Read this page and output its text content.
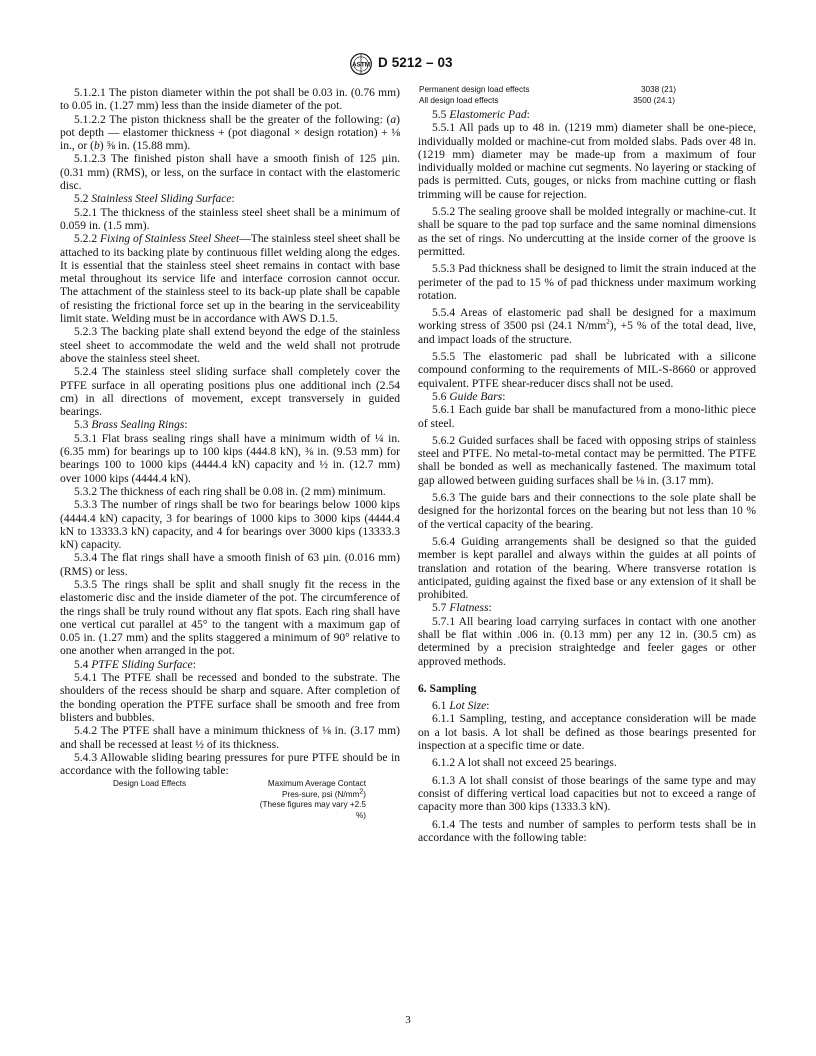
ASTM D 5212 – 03

5.1.2.1 The piston diameter within the pot shall be 0.03 in. (0.76 mm) to 0.05 in. (1.27 mm) less than the inside diameter of the pot.

5.1.2.2 The piston thickness shall be the greater of the following: (a) pot depth — elastomer thickness + (pot diagonal × design rotation) + ⅛ in., or (b) ⅝ in. (15.88 mm).

5.1.2.3 The finished piston shall have a smooth finish of 125 µin. (0.31 mm) (RMS), or less, on the surface in contact with the elastomeric disc.

5.2 Stainless Steel Sliding Surface:

5.2.1 The thickness of the stainless steel sheet shall be a minimum of 0.059 in. (1.5 mm).

5.2.2 Fixing of Stainless Steel Sheet—The stainless steel sheet shall be attached to its backing plate by continuous fillet welding along the edges. It is essential that the stainless steel sheet remains in contact with base metal throughout its service life and interface corrosion cannot occur. The attachment of the stainless steel to its back-up plate shall be capable of resisting the frictional force set up in the bearing in the serviceability limit state. Welding must be in accordance with AWS D.1.5.

5.2.3 The backing plate shall extend beyond the edge of the stainless steel sheet to accommodate the weld and the weld shall not protrude above the stainless steel sheet.

5.2.4 The stainless steel sliding surface shall completely cover the PTFE surface in all operating positions plus one additional inch (2.54 cm) in all directions of movement, except transversely in guided bearings.

5.3 Brass Sealing Rings:

5.3.1 Flat brass sealing rings shall have a minimum width of ¼ in. (6.35 mm) for bearings up to 100 kips (444.8 kN), ⅜ in. (9.53 mm) for bearings 100 to 1000 kips (4444.4 kN) capacity and ½ in. (12.7 mm) over 1000 kips (4444.4 kN).

5.3.2 The thickness of each ring shall be 0.08 in. (2 mm) minimum.

5.3.3 The number of rings shall be two for bearings below 1000 kips (4444.4 kN) capacity, 3 for bearings of 1000 kips to 3000 kips (4444.4 kN to 13333.3 kN) capacity, and 4 for bearings over 3000 kips (13333.3 kN) capacity.

5.3.4 The flat rings shall have a smooth finish of 63 µin. (0.016 mm) (RMS) or less.

5.3.5 The rings shall be split and shall snugly fit the recess in the elastomeric disc and the inside diameter of the pot. The circumference of the rings shall be truly round without any flat spots. Each ring shall have one vertical cut parallel at 45° to the tangent with a maximum gap of 0.05 in. (1.27 mm) and the splits staggered a minimum of 90° relative to one another when arranged in the pot.

5.4 PTFE Sliding Surface:

5.4.1 The PTFE shall be recessed and bonded to the substrate. The shoulders of the recess should be sharp and square. After completion of the bonding operation the PTFE surface shall be smooth and free from blisters and bubbles.

5.4.2 The PTFE shall have a minimum thickness of ⅛ in. (3.17 mm) and shall be recessed at least ½ of its thickness.

5.4.3 Allowable sliding bearing pressures for pure PTFE should be in accordance with the following table:

Design Load Effects	Maximum Average Contact Pres-sure, psi $(N/mm^2)$ (These figures may vary +2.5 %)
Permanent design load effects	3038 (21)
All design load effects	3500 (24.1)

5.5 Elastomeric Pad:

5.5.1 All pads up to 48 in. (1219 mm) diameter shall be one-piece, individually molded or machine-cut from molded slabs. Pads over 48 in. (1219 mm) diameter may be made-up from a maximum of four individually molded or machine cut segments. No layering or stacking of pads is permitted. Cuts, gouges, or nicks from machine cutting or flash trimming will be cause for rejection.

5.5.2 The sealing groove shall be molded integrally or machine-cut. It shall be square to the pad top surface and the same nominal dimensions as the set of rings. No undercutting at the inside corner of the groove is permitted.

5.5.3 Pad thickness shall be designed to limit the strain induced at the perimeter of the pad to 15 % of pad thickness under maximum working rotation.

5.5.4 Areas of elastomeric pad shall be designed for a maximum working stress of 3500 psi (24.1 $N/mm^2$), +5 % of the total dead, live, and impact loads of the structure.

5.5.5 The elastomeric pad shall be lubricated with a silicone compound conforming to the requirements of MIL-S-8660 or approved equivalent. PTFE shear-reducer discs shall not be used.

5.6 Guide Bars:

5.6.1 Each guide bar shall be manufactured from a mono-lithic piece of steel.

5.6.2 Guided surfaces shall be faced with opposing strips of stainless steel and PTFE. No metal-to-metal contact may be permitted. The PTFE shall be bonded as well as mechanically fastened. The maximum total gap allowed between guiding surfaces shall be ⅛ in. (3.17 mm).

5.6.3 The guide bars and their connections to the sole plate shall be designed for the horizontal forces on the bearing but not less than 10 % of the vertical capacity of the bearing.

5.6.4 Guiding arrangements shall be designed so that the guided member is kept parallel and always within the guides at all points of translation and rotation of the bearing. Where transverse rotation is anticipated, guiding against the fixed base or any extension of it shall be prohibited.

5.7 Flatness:

5.7.1 All bearing load carrying surfaces in contact with one another shall be flat within .006 in. (0.13 mm) per any 12 in. (30.5 cm) as determined by a precision straightedge and feeler gages or other approved methods.

6. Sampling

6.1 Lot Size:

6.1.1 Sampling, testing, and acceptance consideration will be made on a lot basis. A lot shall be defined as those bearings presented for inspection at a specific time or date.

6.1.2 A lot shall not exceed 25 bearings.

6.1.3 A lot shall consist of those bearings of the same type and may consist of differing vertical load capacities but not to exceed a range of capacity more than 300 kips (1333.3 kN).

6.1.4 The tests and number of samples to perform tests shall be in accordance with the following table:

3
